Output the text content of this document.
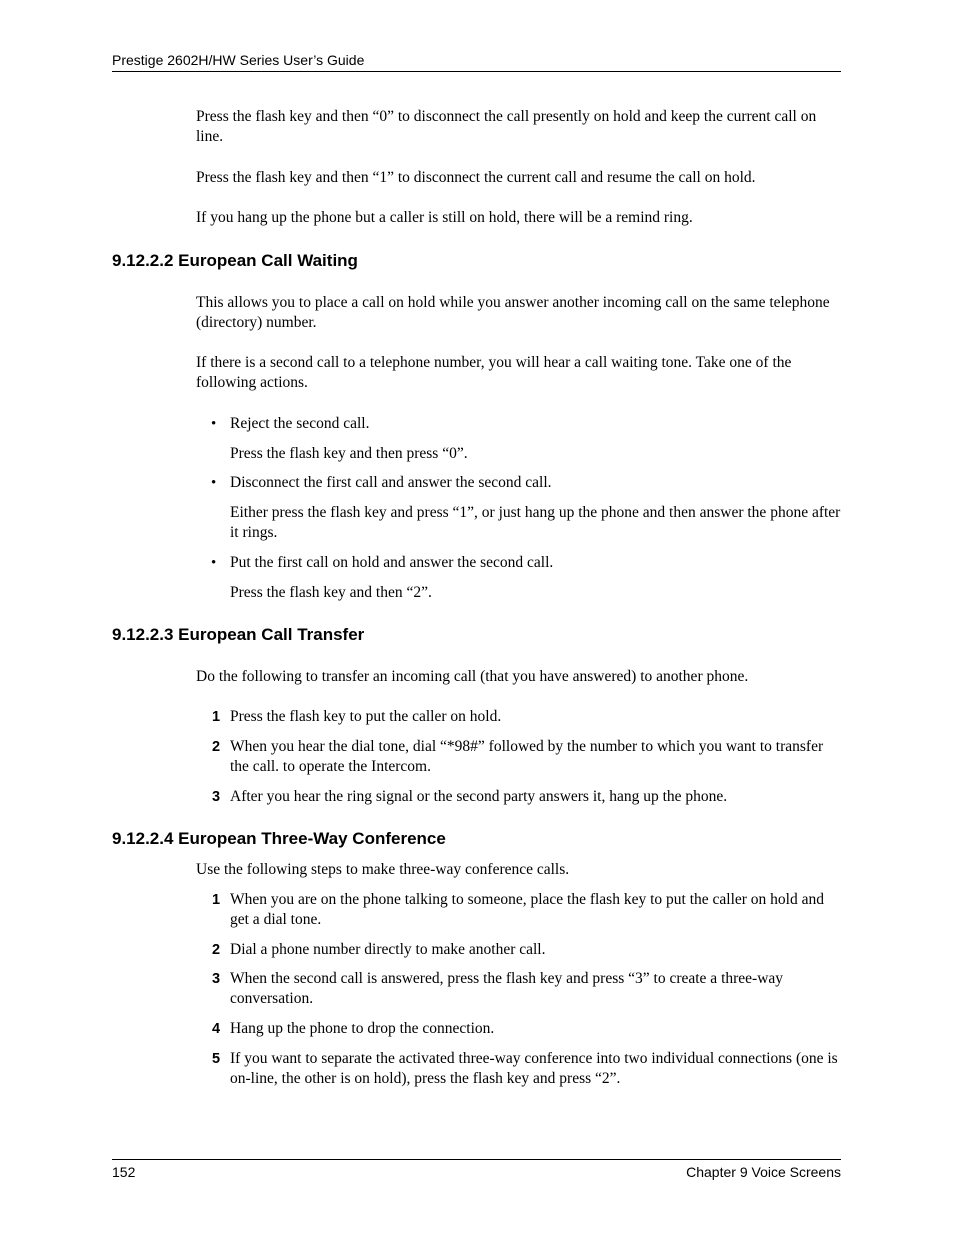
Prestige 2602H/HW Series User’s Guide

Press the flash key and then “0” to disconnect the call presently on hold and keep the current call on line.

Press the flash key and then “1” to disconnect the current call and resume the call on hold.

If you hang up the phone but a caller is still on hold, there will be a remind ring.

9.12.2.2 European Call Waiting

This allows you to place a call on hold while you answer another incoming call on the same telephone (directory) number.

If there is a second call to a telephone number, you will hear a call waiting tone. Take one of the following actions.

• Reject the second call.

Press the flash key and then press “0”.

• Disconnect the first call and answer the second call.

Either press the flash key and press “1”, or just hang up the phone and then answer the phone after it rings.

• Put the first call on hold and answer the second call.

Press the flash key and then “2”.

9.12.2.3 European Call Transfer

Do the following to transfer an incoming call (that you have answered) to another phone.

1 Press the flash key to put the caller on hold.

2 When you hear the dial tone, dial “*98#” followed by the number to which you want to transfer the call. to operate the Intercom.

3 After you hear the ring signal or the second party answers it, hang up the phone.

9.12.2.4 European Three-Way Conference

Use the following steps to make three-way conference calls.

1 When you are on the phone talking to someone, place the flash key to put the caller on hold and get a dial tone.

2 Dial a phone number directly to make another call.

3 When the second call is answered, press the flash key and press “3” to create a three-way conversation.

4 Hang up the phone to drop the connection.

5 If you want to separate the activated three-way conference into two individual connections (one is on-line, the other is on hold), press the flash key and press “2”.

152	Chapter 9 Voice Screens
